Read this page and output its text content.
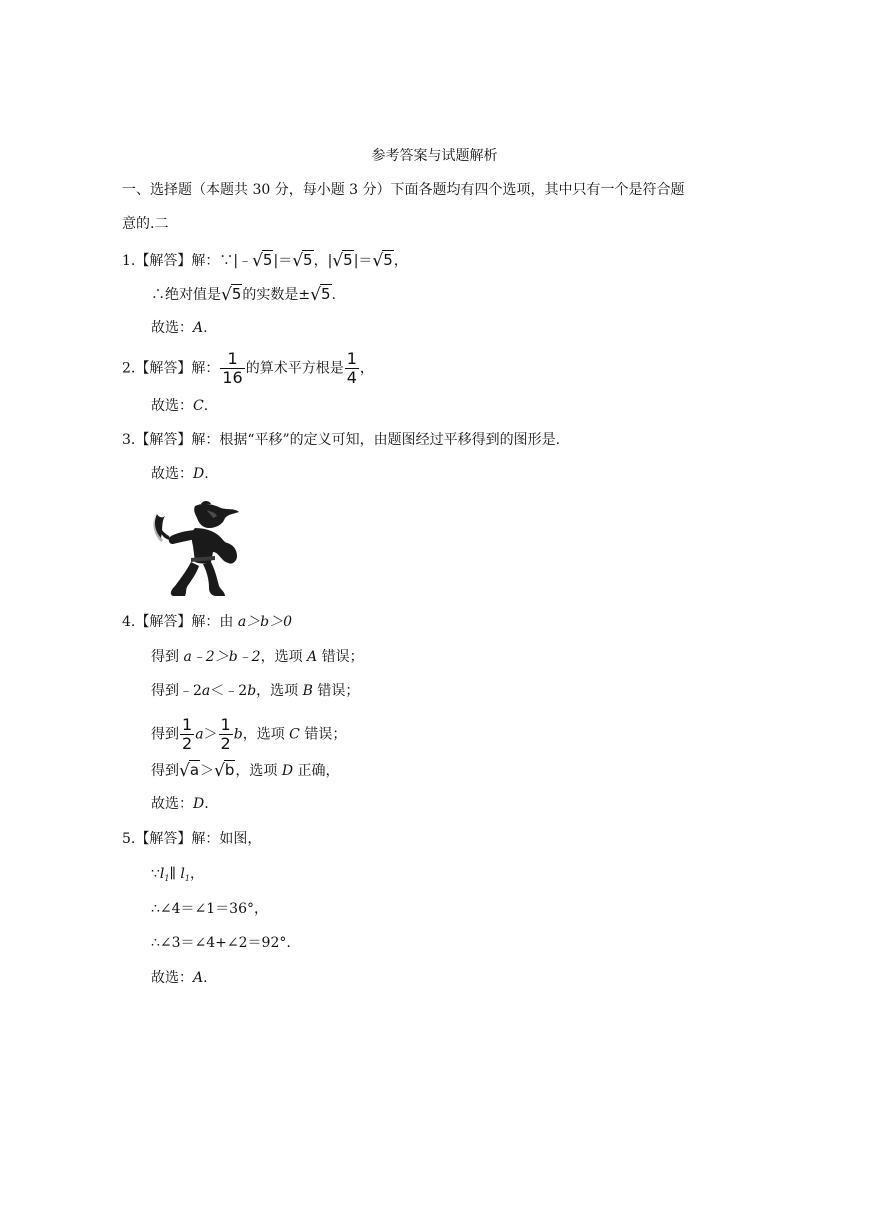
参考答案与试题解析
一、选择题（本题共 30 分，每小题 3 分）下面各题均有四个选项，其中只有一个是符合题
意的.二
1.【解答】解：∵|﹣√5|＝√5，|√5|＝√5，
∴绝对值是√5的实数是±√5.
故选：A.
2.【解答】解： $\frac{1}{16}$ 的算术平方根是 $\frac{1}{4}$ ，
故选：C.
3.【解答】解：根据“平移”的定义可知，由题图经过平移得到的图形是.
故选：D.
4.【解答】解：由 a＞b＞0
得到 a﹣2＞b﹣2，选项 A 错误；
得到﹣2a＜﹣2b，选项 B 错误；
得到 $\frac{1}{2} a> \frac{1}{2}$ b，选项 C 错误；
得到√a＞√b，选项 D 正确，
故选：D.
5.【解答】解：如图，
$\because l_1\parallel$ $l_1$，
∴∠4＝∠1＝36°，
∴∠3＝∠4+∠2＝92°.
故选：A.
